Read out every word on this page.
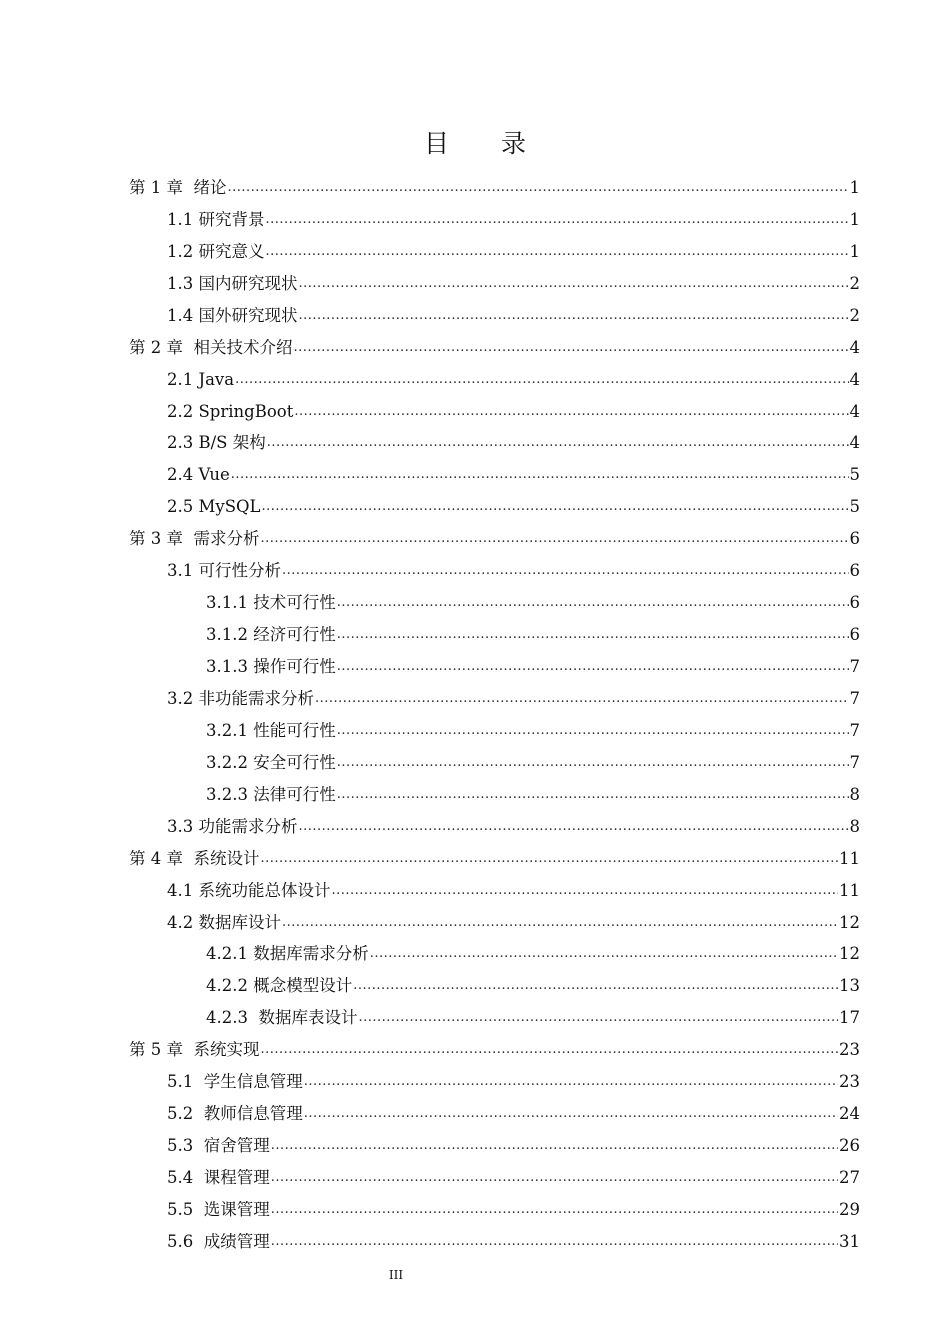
目 录
第 1 章  绪论 .....	1
1.1 研究背景 .....	1
1.2 研究意义 .....	1
1.3 国内研究现状 .....	2
1.4 国外研究现状 .....	2
第 2 章  相关技术介绍 .....	4
2.1 Java .....	4
2.2 SpringBoot .....	4
2.3 B/S 架构 .....	4
2.4 Vue .....	5
2.5 MySQL .....	5
第 3 章  需求分析 .....	6
3.1 可行性分析 .....	6
3.1.1 技术可行性 .....	6
3.1.2 经济可行性 .....	6
3.1.3 操作可行性 .....	7
3.2 非功能需求分析 .....	7
3.2.1 性能可行性 .....	7
3.2.2 安全可行性 .....	7
3.2.3 法律可行性 .....	8
3.3 功能需求分析 .....	8
第 4 章  系统设计 .....	11
4.1 系统功能总体设计 .....	11
4.2 数据库设计 .....	12
4.2.1 数据库需求分析 .....	12
4.2.2 概念模型设计 .....	13
4.2.3  数据库表设计 .....	17
第 5 章  系统实现 .....	23
5.1  学生信息管理 .....	23
5.2  教师信息管理 .....	24
5.3  宿舍管理 .....	26
5.4  课程管理 .....	27
5.5  选课管理 .....	29
5.6  成绩管理 .....	31
III
